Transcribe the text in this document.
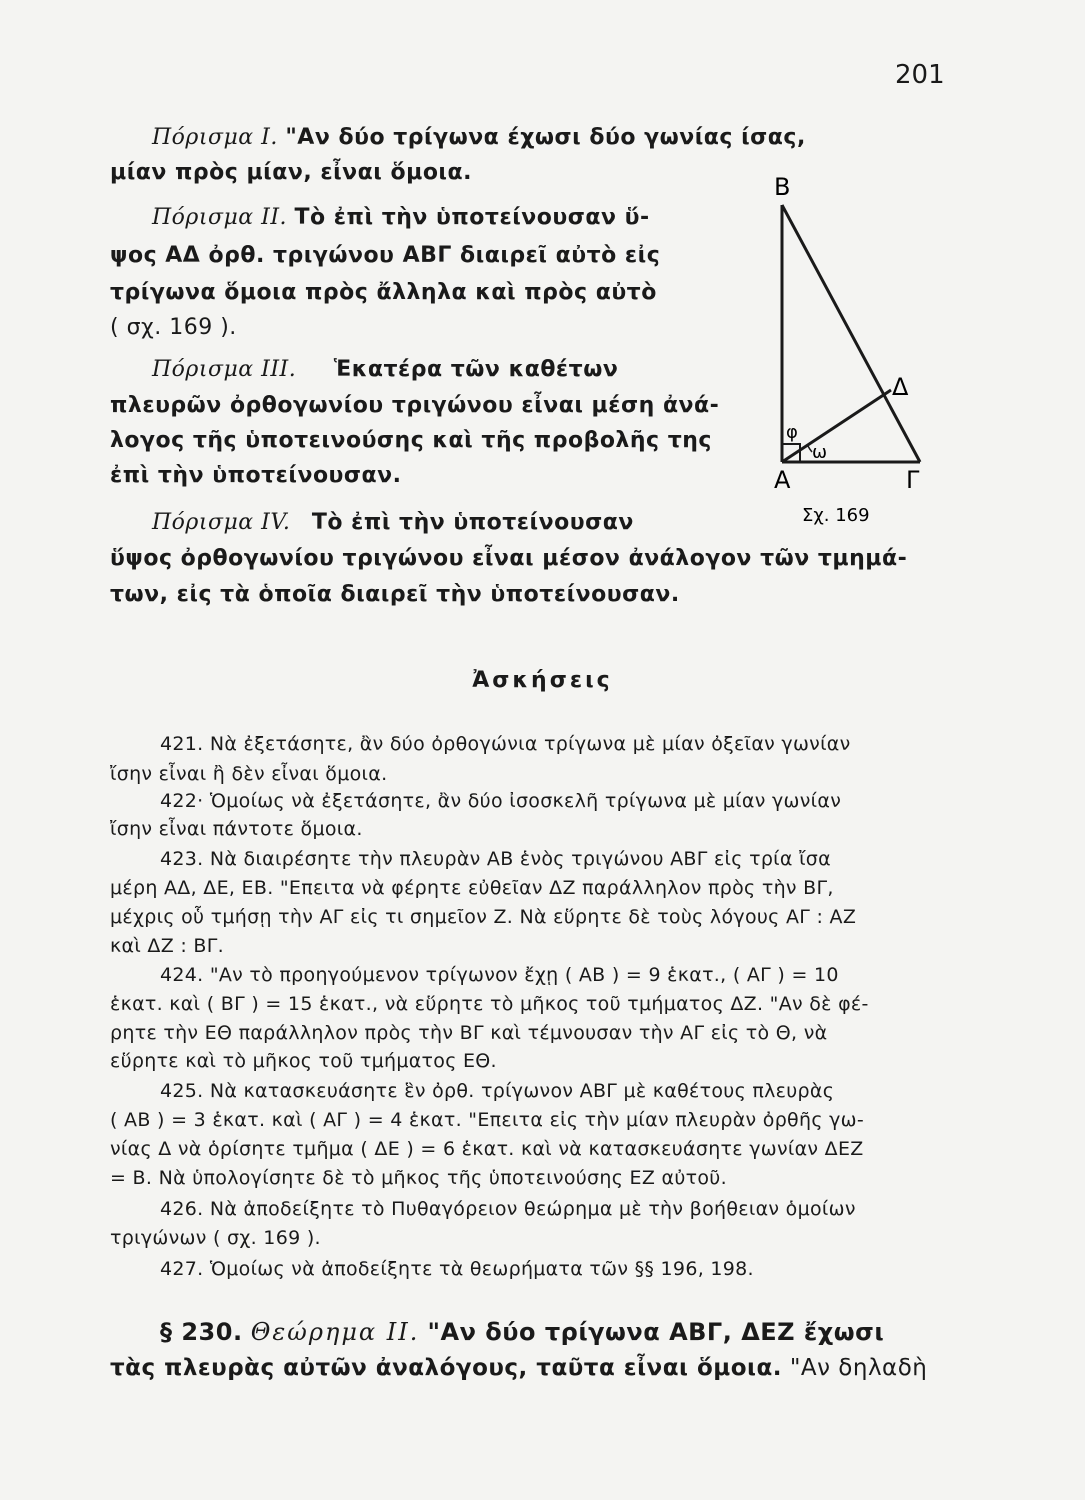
201
Πόρισμα I. "Αν δύο τρίγωνα έχωσι δύο γωνίας ίσας,
μίαν πρὸς μίαν, εἶναι ὅμοια.
Πόρισμα II. Τὸ ἐπὶ τὴν ὑποτείνουσαν ὕ-
ψος ΑΔ ὀρθ. τριγώνου ΑΒΓ διαιρεῖ αὐτὸ εἰς
τρίγωνα ὅμοια πρὸς ἄλληλα καὶ πρὸς αὐτὸ
( σχ. 169 ).
Πόρισμα III. Ἑκατέρα τῶν καθέτων
πλευρῶν ὀρθογωνίου τριγώνου εἶναι μέση ἀνά-
λογος τῆς ὑποτεινούσης καὶ τῆς προβολῆς της
ἐπὶ τὴν ὑποτείνουσαν.
Πόρισμα IV. Τὸ ἐπὶ τὴν ὑποτείνουσαν
ὕψος ὀρθογωνίου τριγώνου εἶναι μέσον ἀνάλογον τῶν τμημά-
των, εἰς τὰ ὁποῖα διαιρεῖ τὴν ὑποτείνουσαν.
Β
Α	Γ
Δ
φ
ω
Σχ. 169
Ἀσκήσεις
421. Νὰ ἐξετάσητε, ἂν δύο ὀρθογώνια τρίγωνα μὲ μίαν ὀξεῖαν γωνίαν
ἴσην εἶναι ἢ δὲν εἶναι ὅμοια.
422· Ὁμοίως νὰ ἐξετάσητε, ἂν δύο ἰσοσκελῆ τρίγωνα μὲ μίαν γωνίαν
ἴσην εἶναι πάντοτε ὅμοια.
423. Νὰ διαιρέσητε τὴν πλευρὰν ΑΒ ἑνὸς τριγώνου ΑΒΓ εἰς τρία ἴσα
μέρη ΑΔ, ΔΕ, ΕΒ. "Επειτα νὰ φέρητε εὐθεῖαν ΔΖ παράλληλον πρὸς τὴν ΒΓ,
μέχρις οὗ τμήσῃ τὴν ΑΓ εἰς τι σημεῖον Ζ. Νὰ εὕρητε δὲ τοὺς λόγους ΑΓ : ΑΖ
καὶ ΔΖ : ΒΓ.
424. "Αν τὸ προηγούμενον τρίγωνον ἔχῃ ( ΑΒ ) = 9 ἑκατ., ( ΑΓ ) = 10
ἑκατ. καὶ ( ΒΓ ) = 15 ἑκατ., νὰ εὕρητε τὸ μῆκος τοῦ τμήματος ΔΖ. "Αν δὲ φέ-
ρητε τὴν ΕΘ παράλληλον πρὸς τὴν ΒΓ καὶ τέμνουσαν τὴν ΑΓ εἰς τὸ Θ, νὰ
εὕρητε καὶ τὸ μῆκος τοῦ τμήματος ΕΘ.
425. Νὰ κατασκευάσητε ἓν ὀρθ. τρίγωνον ΑΒΓ μὲ καθέτους πλευρὰς
( ΑΒ ) = 3 ἑκατ. καὶ ( ΑΓ ) = 4 ἑκατ. "Επειτα εἰς τὴν μίαν πλευρὰν ὀρθῆς γω-
νίας Δ νὰ ὁρίσητε τμῆμα ( ΔΕ ) = 6 ἑκατ. καὶ νὰ κατασκευάσητε γωνίαν ΔΕΖ
= Β. Νὰ ὑπολογίσητε δὲ τὸ μῆκος τῆς ὑποτεινούσης ΕΖ αὐτοῦ.
426. Νὰ ἀποδείξητε τὸ Πυθαγόρειον θεώρημα μὲ τὴν βοήθειαν ὁμοίων
τριγώνων ( σχ. 169 ).
427. Ὁμοίως νὰ ἀποδείξητε τὰ θεωρήματα τῶν §§ 196, 198.
§ 230. Θεώρημα II. "Αν δύο τρίγωνα ΑΒΓ, ΔΕΖ ἔχωσι
τὰς πλευρὰς αὐτῶν ἀναλόγους, ταῦτα εἶναι ὅμοια. "Αν δηλαδὴ
